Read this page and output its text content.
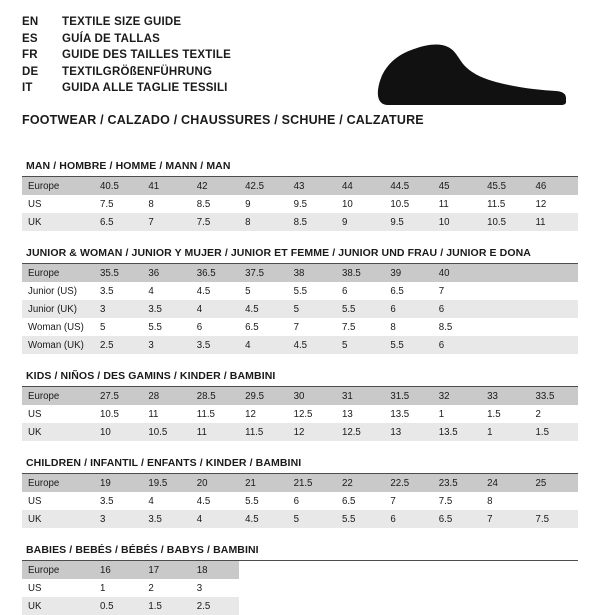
EN	TEXTILE SIZE GUIDE
ES	GUÍA DE TALLAS
FR	GUIDE DES TAILLES TEXTILE
DE	TEXTILGRÖßENFÜHRUNG
IT	GUIDA ALLE TAGLIE TESSILI
FOOTWEAR / CALZADO / CHAUSSURES / SCHUHE / CALZATURE
MAN / HOMBRE / HOMME / MANN / MAN
Europe	40.5	41	42	42.5	43	44	44.5	45	45.5	46
US	7.5	8	8.5	9	9.5	10	10.5	11	11.5	12
UK	6.5	7	7.5	8	8.5	9	9.5	10	10.5	11
JUNIOR & WOMAN / JUNIOR Y MUJER / JUNIOR ET FEMME / JUNIOR UND FRAU / JUNIOR E DONA
Europe	35.5	36	36.5	37.5	38	38.5	39	40		
Junior (US)	3.5	4	4.5	5	5.5	6	6.5	7		
Junior (UK)	3	3.5	4	4.5	5	5.5	6	6		
Woman (US)	5	5.5	6	6.5	7	7.5	8	8.5		
Woman (UK)	2.5	3	3.5	4	4.5	5	5.5	6		
KIDS / NIÑOS / DES GAMINS / KINDER / BAMBINI
Europe	27.5	28	28.5	29.5	30	31	31.5	32	33	33.5
US	10.5	11	11.5	12	12.5	13	13.5	1	1.5	2
UK	10	10.5	11	11.5	12	12.5	13	13.5	1	1.5
CHILDREN / INFANTIL / ENFANTS / KINDER / BAMBINI
Europe	19	19.5	20	21	21.5	22	22.5	23.5	24	25
US	3.5	4	4.5	5.5	6	6.5	7	7.5	8	
UK	3	3.5	4	4.5	5	5.5	6	6.5	7	7.5
BABIES / BEBÉS / BÉBÉS / BABYS / BAMBINI
Europe	16	17	18							
US	1	2	3							
UK	0.5	1.5	2.5							
